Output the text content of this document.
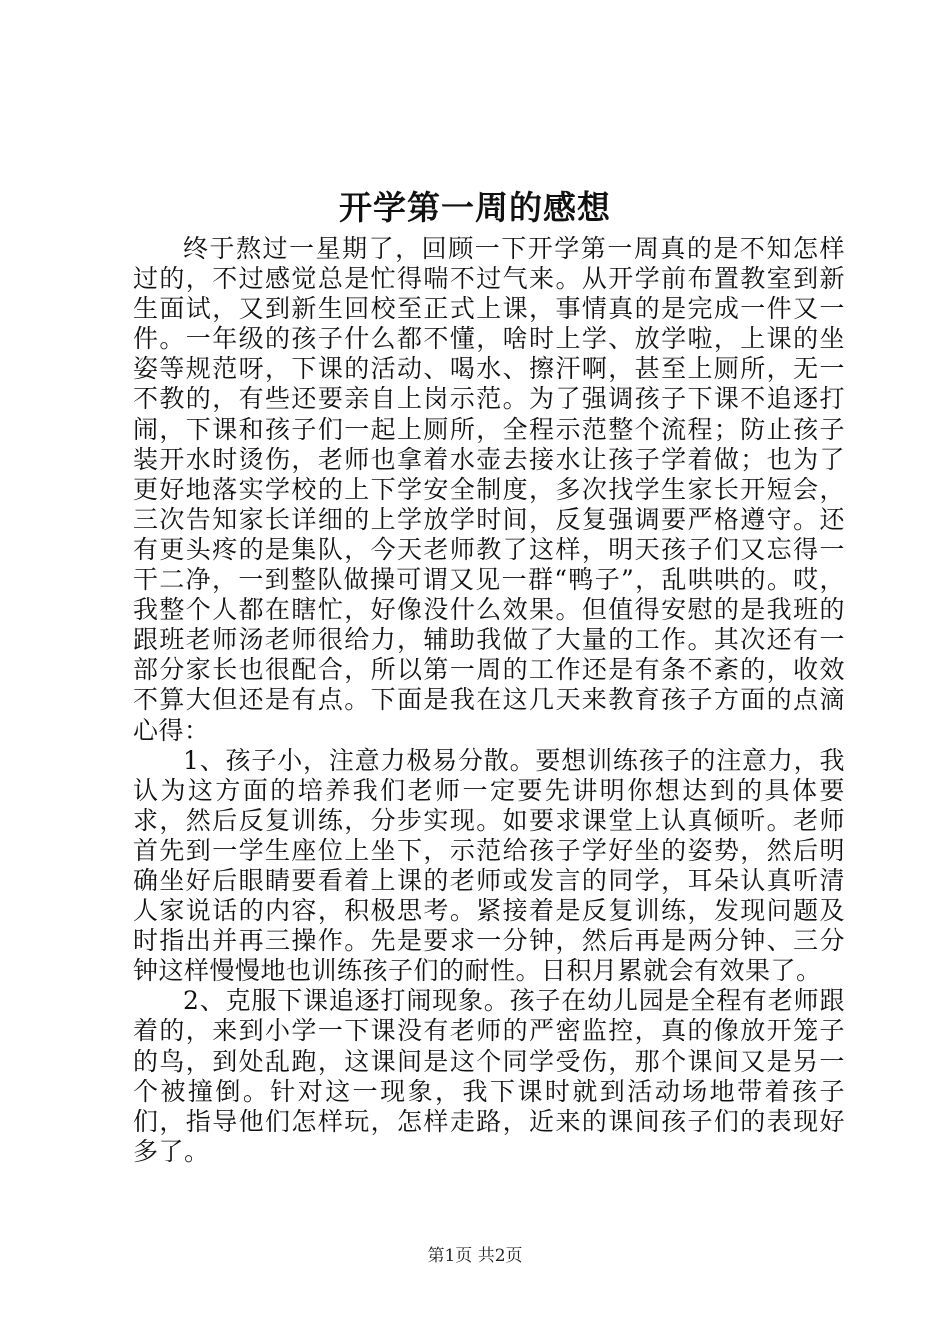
开学第一周的感想

终于熬过一星期了，回顾一下开学第一周真的是不知怎样过的，不过感觉总是忙得喘不过气来。从开学前布置教室到新生面试，又到新生回校至正式上课，事情真的是完成一件又一件。一年级的孩子什么都不懂，啥时上学、放学啦，上课的坐姿等规范呀，下课的活动、喝水、擦汗啊，甚至上厕所，无一不教的，有些还要亲自上岗示范。为了强调孩子下课不追逐打闹，下课和孩子们一起上厕所，全程示范整个流程；防止孩子装开水时烫伤，老师也拿着水壶去接水让孩子学着做；也为了更好地落实学校的上下学安全制度，多次找学生家长开短会，三次告知家长详细的上学放学时间，反复强调要严格遵守。还有更头疼的是集队，今天老师教了这样，明天孩子们又忘得一干二净，一到整队做操可谓又见一群“鸭子”，乱哄哄的。哎，我整个人都在瞎忙，好像没什么效果。但值得安慰的是我班的跟班老师汤老师很给力，辅助我做了大量的工作。其次还有一部分家长也很配合，所以第一周的工作还是有条不紊的，收效不算大但还是有点。下面是我在这几天来教育孩子方面的点滴心得：

1、孩子小，注意力极易分散。要想训练孩子的注意力，我认为这方面的培养我们老师一定要先讲明你想达到的具体要求，然后反复训练，分步实现。如要求课堂上认真倾听。老师首先到一学生座位上坐下，示范给孩子学好坐的姿势，然后明确坐好后眼睛要看着上课的老师或发言的同学，耳朵认真听清人家说话的内容，积极思考。紧接着是反复训练，发现问题及时指出并再三操作。先是要求一分钟，然后再是两分钟、三分钟这样慢慢地也训练孩子们的耐性。日积月累就会有效果了。

2、克服下课追逐打闹现象。孩子在幼儿园是全程有老师跟着的，来到小学一下课没有老师的严密监控，真的像放开笼子的鸟，到处乱跑，这课间是这个同学受伤，那个课间又是另一个被撞倒。针对这一现象，我下课时就到活动场地带着孩子们，指导他们怎样玩，怎样走路，近来的课间孩子们的表现好多了。

第1页 共2页
